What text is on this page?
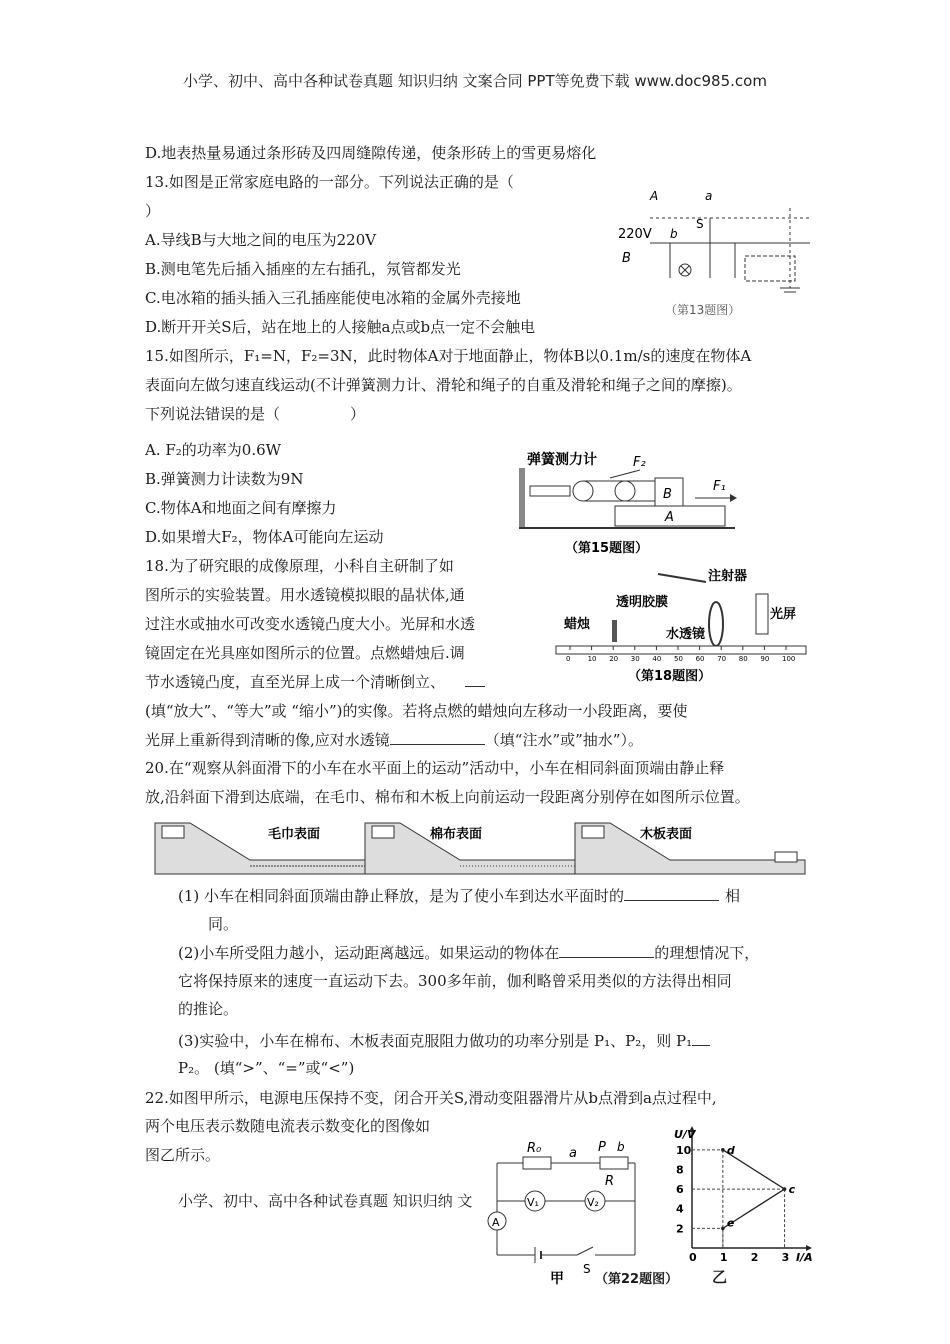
小学、初中、高中各种试卷真题 知识归纳 文案合同 PPT等免费下载 www.doc985.com
D.地表热量易通过条形砖及四周缝隙传递，使条形砖上的雪更易熔化
13.如图是正常家庭电路的一部分。下列说法正确的是（
）
A.导线B与大地之间的电压为220V
B.测电笔先后插入插座的左右插孔，氖管都发光
C.电冰箱的插头插入三孔插座能使电冰箱的金属外壳接地
D.断开开关S后，站在地上的人接触a点或b点一定不会触电
A
220V b
B
a
S
（第13题图）
15.如图所示，F₁=N，F₂=3N，此时物体A对于地面静止，物体B以0.1m/s的速度在物体A
表面向左做匀速直线运动(不计弹簧测力计、滑轮和绳子的自重及滑轮和绳子之间的摩擦)。
下列说法错误的是（	）
A. F₂的功率为0.6W
B.弹簧测力计读数为9N
C.物体A和地面之间有摩擦力
D.如果增大F₂，物体A可能向左运动
弹簧测力计
B
A
F₂
F₁
（第15题图）
18.为了研究眼的成像原理，小科自主研制了如
图所示的实验装置。用水透镜模拟眼的晶状体,通
过注水或抽水可改变水透镜凸度大小。光屏和水透
镜固定在光具座如图所示的位置。点燃蜡烛后.调
节水透镜凸度，直至光屏上成一个清晰倒立、
(填“放大”、“等大”或 “缩小”)的实像。若将点燃的蜡烛向左移动一小段距离，要使
光屏上重新得到清晰的像,应对水透镜	（填“注水”或”抽水”）。
注射器
透明胶膜
光屏
蜡烛
水透镜
0 10 20 30 40 50 60 70 80 90 100
（第18题图）
20.在“观察从斜面滑下的小车在水平面上的运动”活动中，小车在相同斜面顶端由静止释
放,沿斜面下滑到达底端，在毛巾、棉布和木板上向前运动一段距离分别停在如图所示位置。
毛巾表面	棉布表面	木板表面
(1) 小车在相同斜面顶端由静止释放，是为了使小车到达水平面时的	相
同。
(2)小车所受阻力越小，运动距离越远。如果运动的物体在	的理想情况下，
它将保持原来的速度一直运动下去。300多年前，伽利略曾采用类似的方法得出相同
的推论。
(3)实验中，小车在棉布、木板表面克服阻力做功的功率分别是 P₁、P₂，则 P₁
P₂。 (填“>”、“=”或“<”)
22.如图甲所示，电源电压保持不变，闭合开关S,滑动变阻器滑片从b点滑到a点过程中,
两个电压表示数随电流表示数变化的图像如
图乙所示。
小学、初中、高中各种试卷真题 知识归纳 文
R₀ a P b
R
V₁	V₂
A
S
甲 （第22题图） 乙
U/V
I/A
2
4
6
8
10
0 1 2 3
d
c
e
